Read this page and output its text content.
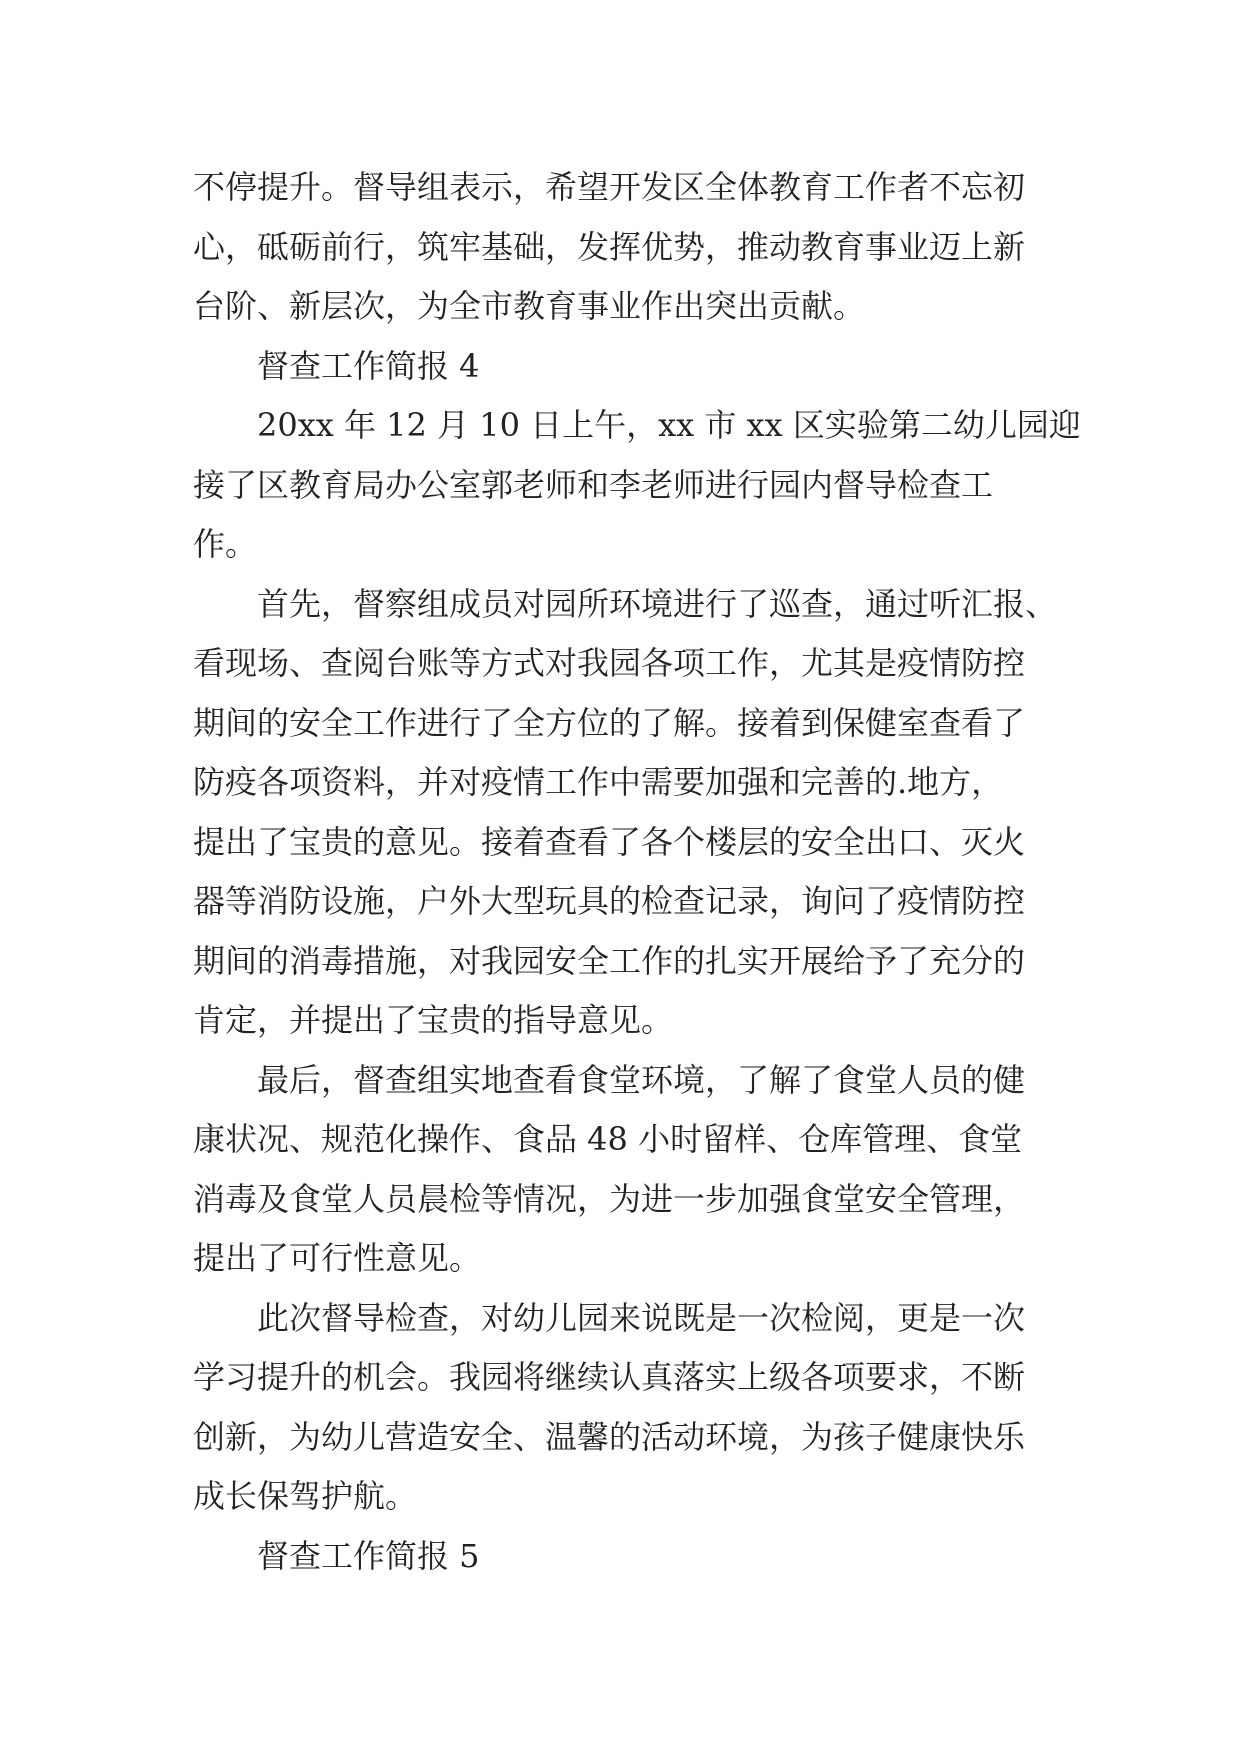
不停提升。督导组表示，希望开发区全体教育工作者不忘初
心，砥砺前行，筑牢基础，发挥优势，推动教育事业迈上新
台阶、新层次，为全市教育事业作出突出贡献。
督查工作简报 4
20xx 年 12 月 10 日上午，xx 市 xx 区实验第二幼儿园迎
接了区教育局办公室郭老师和李老师进行园内督导检查工
作。
首先，督察组成员对园所环境进行了巡查，通过听汇报、
看现场、查阅台账等方式对我园各项工作，尤其是疫情防控
期间的安全工作进行了全方位的了解。接着到保健室查看了
防疫各项资料，并对疫情工作中需要加强和完善的.地方，
提出了宝贵的意见。接着查看了各个楼层的安全出口、灭火
器等消防设施，户外大型玩具的检查记录，询问了疫情防控
期间的消毒措施，对我园安全工作的扎实开展给予了充分的
肯定，并提出了宝贵的指导意见。
最后，督查组实地查看食堂环境，了解了食堂人员的健
康状况、规范化操作、食品 48 小时留样、仓库管理、食堂
消毒及食堂人员晨检等情况，为进一步加强食堂安全管理，
提出了可行性意见。
此次督导检查，对幼儿园来说既是一次检阅，更是一次
学习提升的机会。我园将继续认真落实上级各项要求，不断
创新，为幼儿营造安全、温馨的活动环境，为孩子健康快乐
成长保驾护航。
督查工作简报 5
